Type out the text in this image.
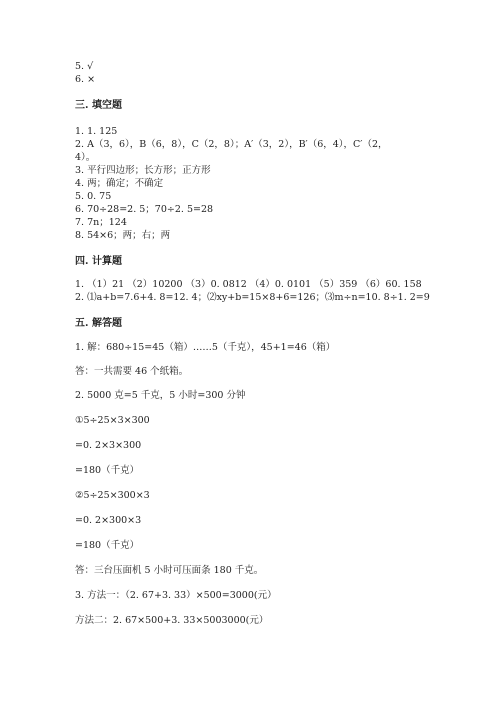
5. √
6. ×
三. 填空题
1. 1. 125
2. A（3，6），B（6，8），C（2，8）；A′（3，2），B′（6，4），C′（2，
4）。
3. 平行四边形；长方形；正方形
4. 两；确定；不确定
5. 0. 75
6. 70÷28=2. 5；70÷2. 5=28
7. 7n；124
8. 54×6；两；右；两
四. 计算题
1. （1）21 （2）10200 （3）0. 0812 （4）0. 0101 （5）359 （6）60. 158
2. ⑴a+b=7.6+4. 8=12. 4；⑵xy+b=15×8+6=126；⑶m÷n=10. 8÷1. 2=9
五. 解答题
1. 解：680÷15=45（箱）……5（千克），45+1=46（箱）
答：一共需要 46 个纸箱。
2. 5000 克=5 千克，5 小时=300 分钟
①5÷25×3×300
=0. 2×3×300
=180（千克）
②5÷25×300×3
=0. 2×300×3
=180（千克）
答：三台压面机 5 小时可压面条 180 千克。
3. 方法一：（2. 67+3. 33）×500=3000(元）
方法二：2. 67×500+3. 33×5003000(元）
